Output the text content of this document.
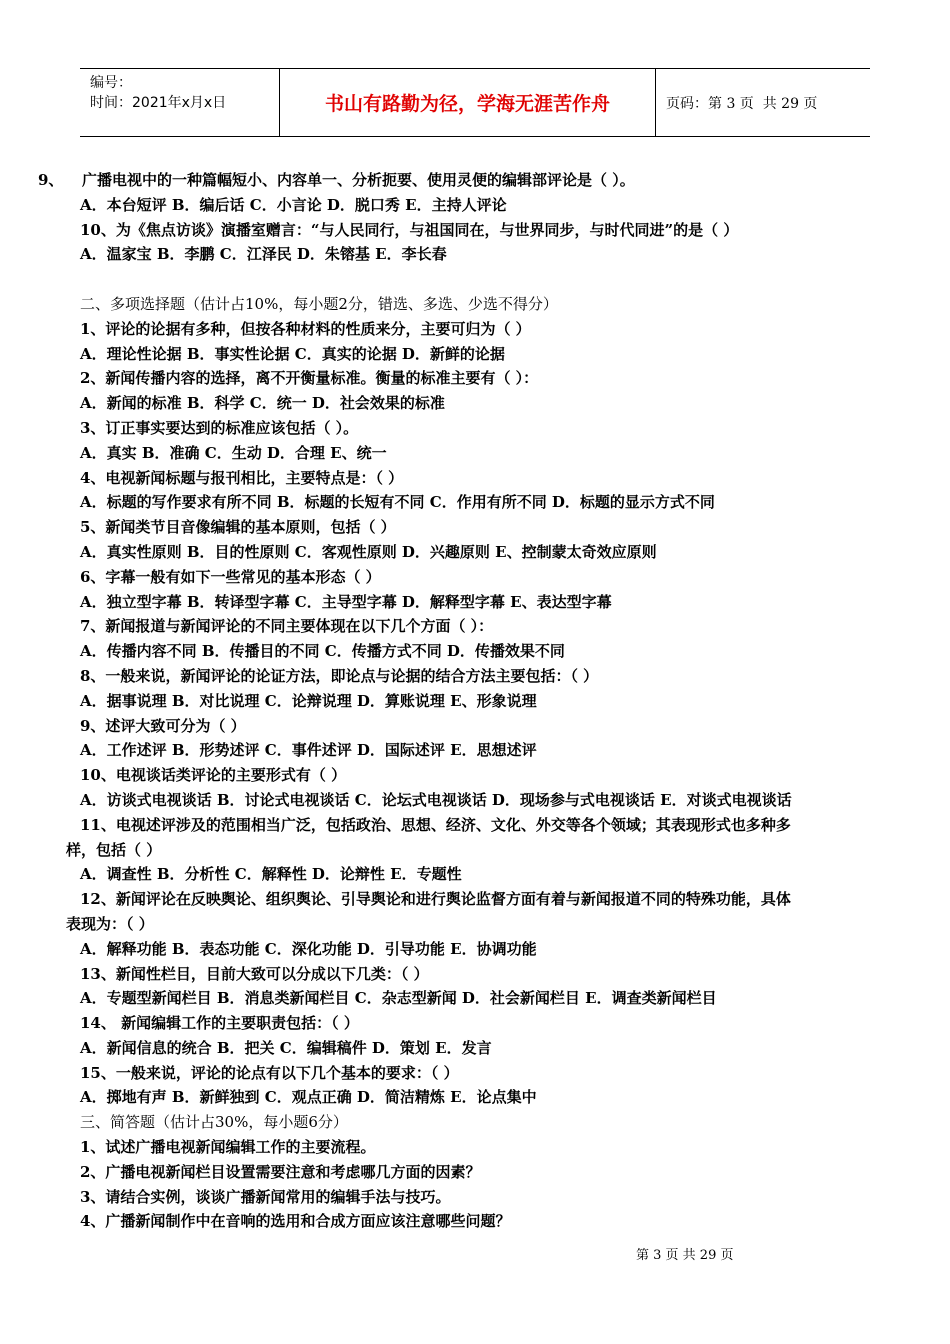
编号：
时间：2021年x月x日	书山有路勤为径，学海无涯苦作舟	页码：第 3 页  共 29 页
9、 广播电视中的一种篇幅短小、内容单一、分析扼要、使用灵便的编辑部评论是（ ）。
A．本台短评 B．编后话 C．小言论 D．脱口秀 E．主持人评论
10、为《焦点访谈》演播室赠言：“与人民同行，与祖国同在，与世界同步，与时代同进”的是（ ）
A．温家宝 B．李鹏 C．江泽民 D．朱镕基 E．李长春
二、多项选择题（估计占10%，每小题2分，错选、多选、少选不得分）
1、评论的论据有多种，但按各种材料的性质来分，主要可归为（ ）
A．理论性论据 B．事实性论据 C．真实的论据 D．新鲜的论据
2、新闻传播内容的选择，离不开衡量标准。衡量的标准主要有（ ）：
A．新闻的标准 B．科学 C．统一 D．社会效果的标准
3、订正事实要达到的标准应该包括（ ）。
A．真实 B．准确 C．生动 D．合理 E、统一
4、电视新闻标题与报刊相比，主要特点是：（ ）
A．标题的写作要求有所不同 B．标题的长短有不同 C．作用有所不同 D．标题的显示方式不同
5、新闻类节目音像编辑的基本原则，包括（ ）
A．真实性原则 B．目的性原则 C．客观性原则 D．兴趣原则 E、控制蒙太奇效应原则
6、字幕一般有如下一些常见的基本形态（ ）
A．独立型字幕 B．转译型字幕 C．主导型字幕 D．解释型字幕 E、表达型字幕
7、新闻报道与新闻评论的不同主要体现在以下几个方面（ ）：
A．传播内容不同 B．传播目的不同 C．传播方式不同 D．传播效果不同
8、一般来说，新闻评论的论证方法，即论点与论据的结合方法主要包括：（ ）
A．据事说理 B．对比说理 C．论辩说理 D．算账说理 E、形象说理
9、述评大致可分为（ ）
A．工作述评 B．形势述评 C．事件述评 D．国际述评 E．思想述评
10、电视谈话类评论的主要形式有（ ）
A．访谈式电视谈话 B．讨论式电视谈话 C．论坛式电视谈话 D．现场参与式电视谈话 E．对谈式电视谈话
11、电视述评涉及的范围相当广泛，包括政治、思想、经济、文化、外交等各个领域；其表现形式也多种多
样，包括（ ）
A．调查性 B．分析性 C．解释性 D．论辩性 E．专题性
12、新闻评论在反映舆论、组织舆论、引导舆论和进行舆论监督方面有着与新闻报道不同的特殊功能，具体
表现为：（ ）
A．解释功能 B．表态功能 C．深化功能 D．引导功能 E．协调功能
13、新闻性栏目，目前大致可以分成以下几类：（ ）
A．专题型新闻栏目 B．消息类新闻栏目 C．杂志型新闻 D．社会新闻栏目 E．调查类新闻栏目
14、 新闻编辑工作的主要职责包括：（ ）
A．新闻信息的统合 B．把关 C．编辑稿件 D．策划 E．发言
15、一般来说，评论的论点有以下几个基本的要求：（ ）
A．掷地有声 B．新鲜独到 C．观点正确 D．简洁精炼 E．论点集中
三、简答题（估计占30%，每小题6分）
1、试述广播电视新闻编辑工作的主要流程。
2、广播电视新闻栏目设置需要注意和考虑哪几方面的因素？
3、请结合实例，谈谈广播新闻常用的编辑手法与技巧。
4、广播新闻制作中在音响的选用和合成方面应该注意哪些问题？
第 3 页 共 29 页
